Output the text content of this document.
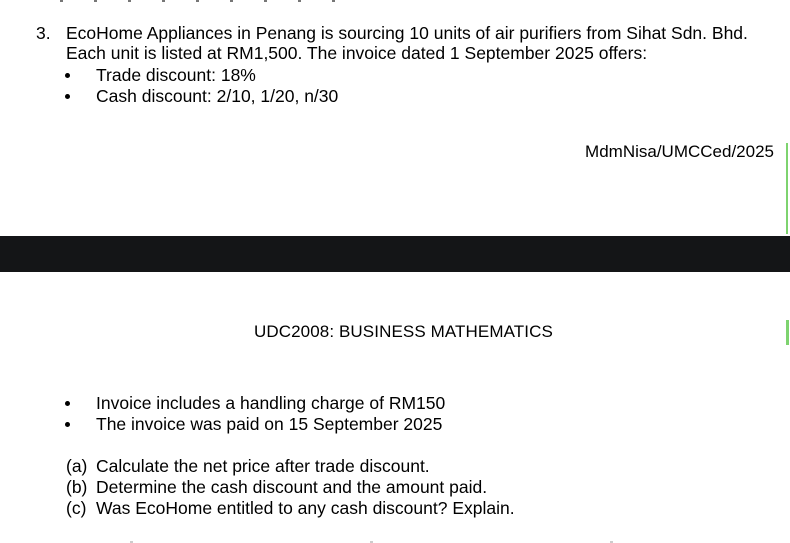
3. EcoHome Appliances in Penang is sourcing 10 units of air purifiers from Sihat Sdn. Bhd.
Each unit is listed at RM1,500. The invoice dated 1 September 2025 offers:
Trade discount: 18%
Cash discount: 2/10, 1/20, n/30
MdmNisa/UMCCed/2025
UDC2008: BUSINESS MATHEMATICS
Invoice includes a handling charge of RM150
The invoice was paid on 15 September 2025
(a) Calculate the net price after trade discount.
(b) Determine the cash discount and the amount paid.
(c) Was EcoHome entitled to any cash discount? Explain.
